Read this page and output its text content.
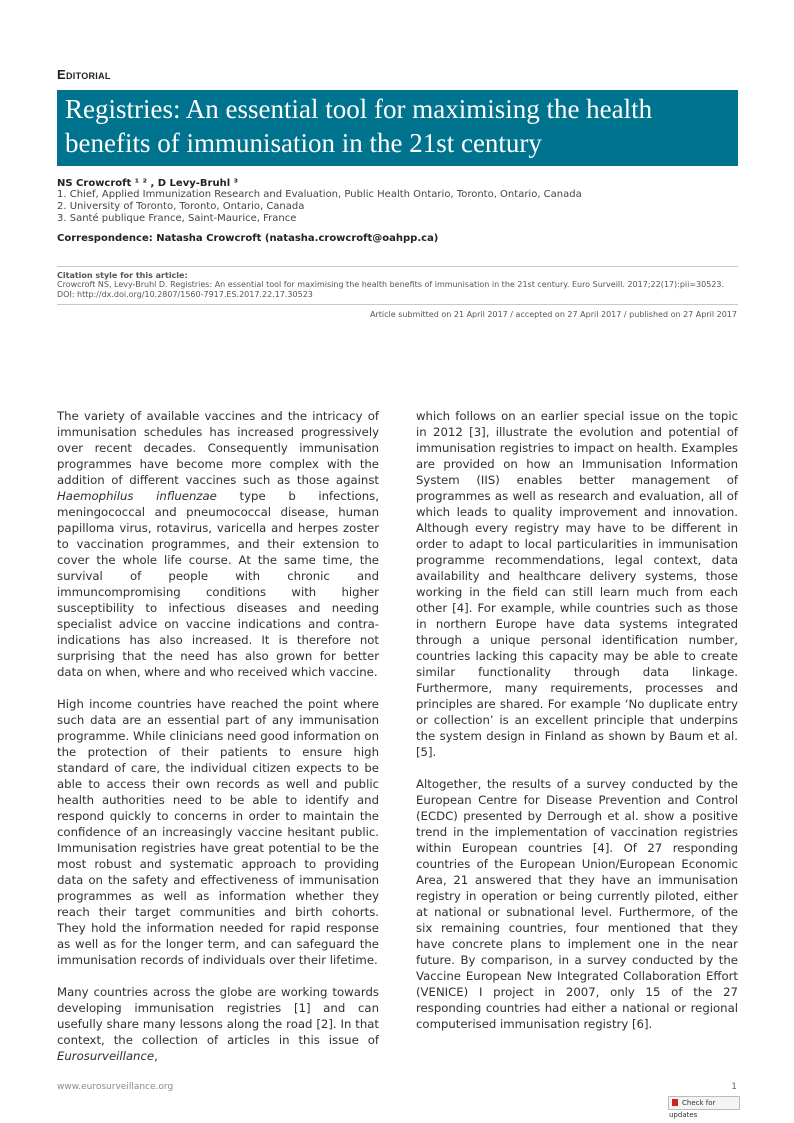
Editorial
Registries: An essential tool for maximising the health benefits of immunisation in the 21st century
NS Crowcroft ¹ ² , D Levy-Bruhl ³
1. Chief, Applied Immunization Research and Evaluation, Public Health Ontario, Toronto, Ontario, Canada
2. University of Toronto, Toronto, Ontario, Canada
3. Santé publique France, Saint-Maurice, France
Correspondence: Natasha Crowcroft (natasha.crowcroft@oahpp.ca)
Citation style for this article:
Crowcroft NS, Levy-Bruhl D. Registries: An essential tool for maximising the health benefits of immunisation in the 21st century. Euro Surveill. 2017;22(17):pii=30523. DOI: http://dx.doi.org/10.2807/1560-7917.ES.2017.22.17.30523
Article submitted on 21 April 2017 / accepted on 27 April 2017 / published on 27 April 2017

The variety of available vaccines and the intricacy of immunisation schedules has increased progressively over recent decades. Consequently immunisation programmes have become more complex with the addition of different vaccines such as those against Haemophilus influenzae type b infections, meningococcal and pneumococcal disease, human papilloma virus, rotavirus, varicella and herpes zoster to vaccination programmes, and their extension to cover the whole life course. At the same time, the survival of people with chronic and immuncompromising conditions with higher susceptibility to infectious diseases and needing specialist advice on vaccine indications and contra-indications has also increased. It is therefore not surprising that the need has also grown for better data on when, where and who received which vaccine.

High income countries have reached the point where such data are an essential part of any immunisation programme. While clinicians need good information on the protection of their patients to ensure high standard of care, the individual citizen expects to be able to access their own records as well and public health authorities need to be able to identify and respond quickly to concerns in order to maintain the confidence of an increasingly vaccine hesitant public. Immunisation registries have great potential to be the most robust and systematic approach to providing data on the safety and effectiveness of immunisation programmes as well as information whether they reach their target communities and birth cohorts. They hold the information needed for rapid response as well as for the longer term, and can safeguard the immunisation records of individuals over their lifetime.

Many countries across the globe are working towards developing immunisation registries [1] and can usefully share many lessons along the road [2]. In that context, the collection of articles in this issue of Eurosurveillance,

which follows on an earlier special issue on the topic in 2012 [3], illustrate the evolution and potential of immunisation registries to impact on health. Examples are provided on how an Immunisation Information System (IIS) enables better management of programmes as well as research and evaluation, all of which leads to quality improvement and innovation. Although every registry may have to be different in order to adapt to local particularities in immunisation programme recommendations, legal context, data availability and healthcare delivery systems, those working in the field can still learn much from each other [4]. For example, while countries such as those in northern Europe have data systems integrated through a unique personal identification number, countries lacking this capacity may be able to create similar functionality through data linkage. Furthermore, many requirements, processes and principles are shared. For example ‘No duplicate entry or collection’ is an excellent principle that underpins the system design in Finland as shown by Baum et al. [5].

Altogether, the results of a survey conducted by the European Centre for Disease Prevention and Control (ECDC) presented by Derrough et al. show a positive trend in the implementation of vaccination registries within European countries [4]. Of 27 responding countries of the European Union/European Economic Area, 21 answered that they have an immunisation registry in operation or being currently piloted, either at national or subnational level. Furthermore, of the six remaining countries, four mentioned that they have concrete plans to implement one in the near future. By comparison, in a survey conducted by the Vaccine European New Integrated Collaboration Effort (VENICE) I project in 2007, only 15 of the 27 responding countries had either a national or regional computerised immunisation registry [6].

www.eurosurveillance.org	1
Check for updates
